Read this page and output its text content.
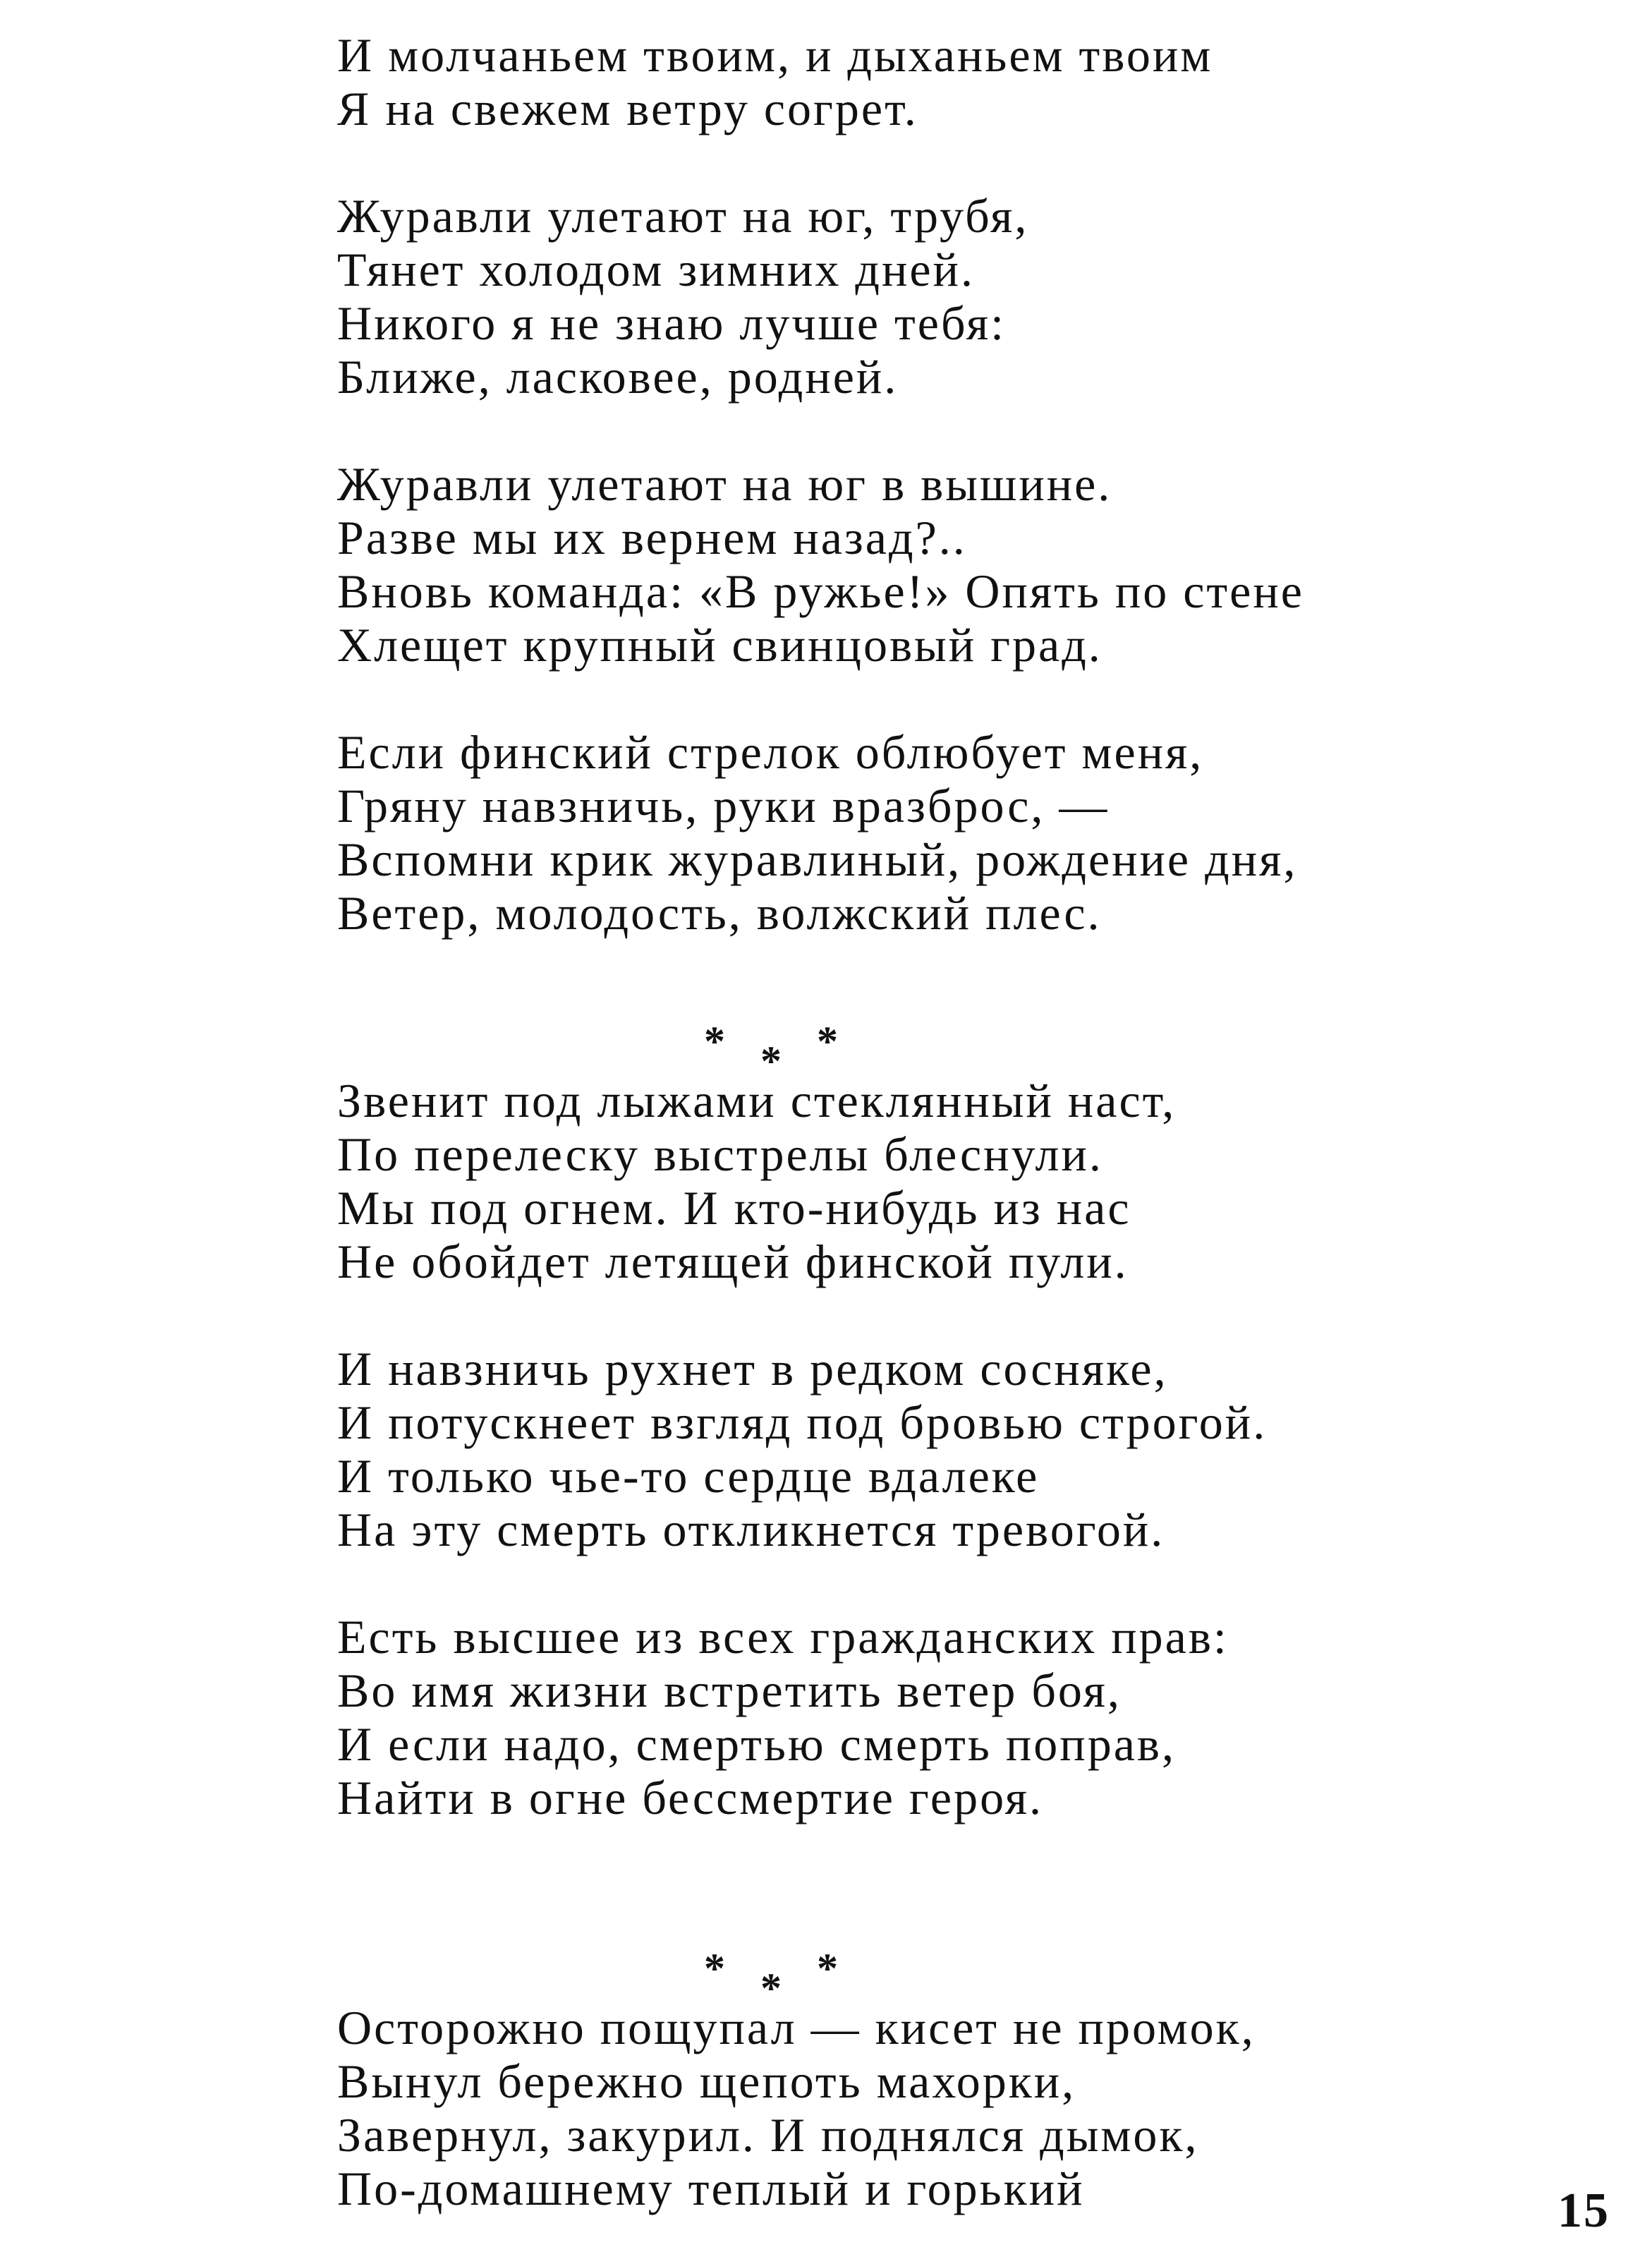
И молчаньем твоим, и дыханьем твоим
Я на свежем ветру согрет.
Журавли улетают на юг, трубя,
Тянет холодом зимних дней.
Никого я не знаю лучше тебя:
Ближе, ласковее, родней.
Журавли улетают на юг в вышине.
Разве мы их вернем назад?..
Вновь команда: «В ружье!» Опять по стене
Хлещет крупный свинцовый град.
Если финский стрелок облюбует меня,
Гряну навзничь, руки вразброс, —
Вспомни крик журавлиный, рождение дня,
Ветер, молодость, волжский плес.
* * *
Звенит под лыжами стеклянный наст,
По перелеску выстрелы блеснули.
Мы под огнем. И кто-нибудь из нас
Не обойдет летящей финской пули.
И навзничь рухнет в редком сосняке,
И потускнеет взгляд под бровью строгой.
И только чье-то сердце вдалеке
На эту смерть откликнется тревогой.
Есть высшее из всех гражданских прав:
Во имя жизни встретить ветер боя,
И если надо, смертью смерть поправ,
Найти в огне бессмертие героя.
* * *
Осторожно пощупал — кисет не промок,
Вынул бережно щепоть махорки,
Завернул, закурил. И поднялся дымок,
По-домашнему теплый и горький	15
